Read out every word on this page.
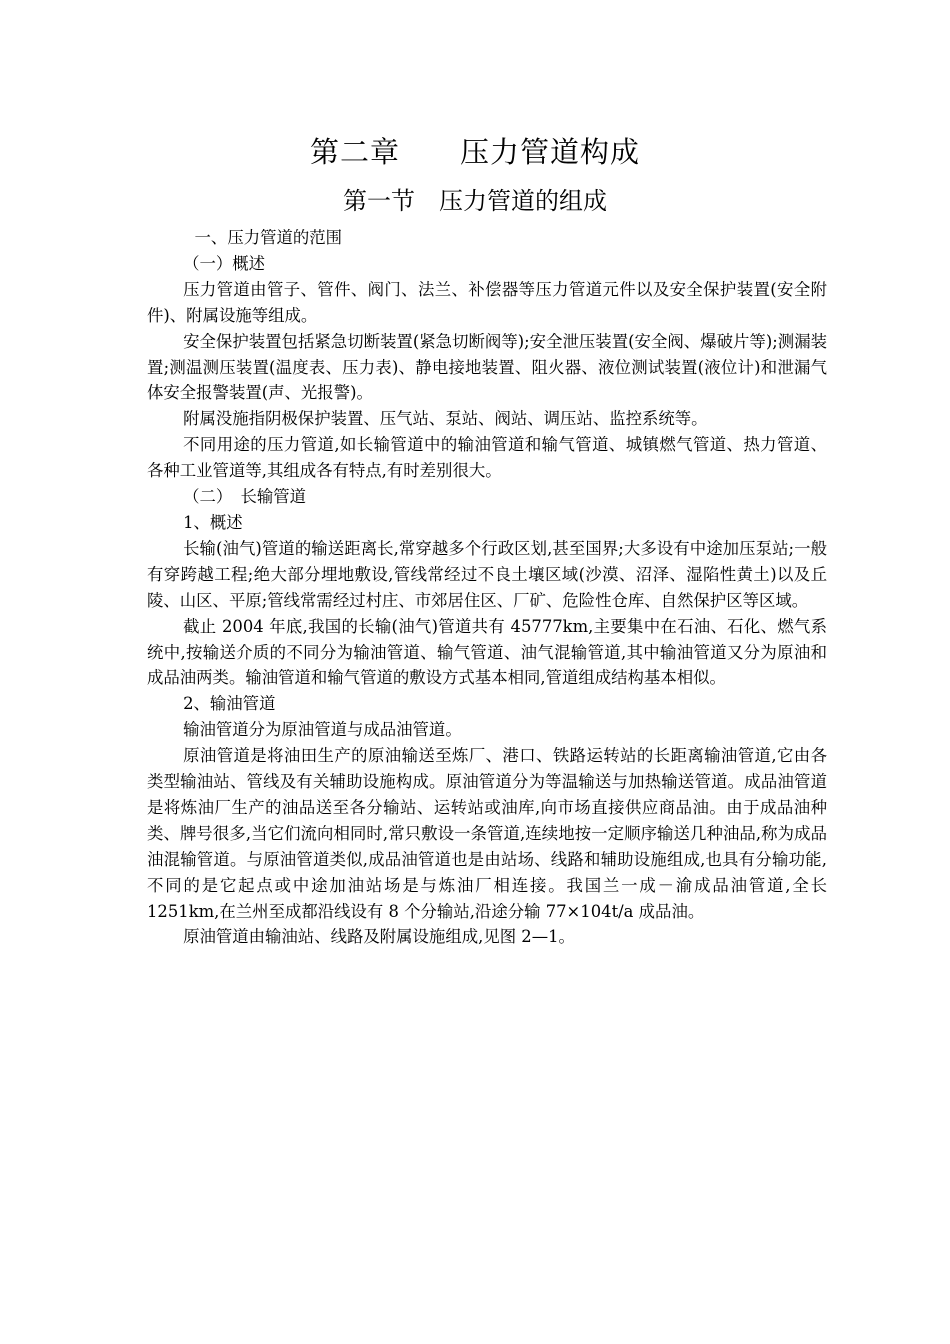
第二章　　压力管道构成
第一节　压力管道的组成

一、压力管道的范围

（一）概述

压力管道由管子、管件、阀门、法兰、补偿器等压力管道元件以及安全保护装置(安全附件)、附属设施等组成。

安全保护装置包括紧急切断装置(紧急切断阀等);安全泄压装置(安全阀、爆破片等);测漏装置;测温测压装置(温度表、压力表)、静电接地装置、阻火器、液位测试装置(液位计)和泄漏气体安全报警装置(声、光报警)。

附属没施指阴极保护装置、压气站、泵站、阀站、调压站、监控系统等。

不同用途的压力管道,如长输管道中的输油管道和输气管道、城镇燃气管道、热力管道、各种工业管道等,其组成各有特点,有时差别很大。

（二）　长输管道

1、概述

长输(油气)管道的输送距离长,常穿越多个行政区划,甚至国界;大多设有中途加压泵站;一般有穿跨越工程;绝大部分埋地敷设,管线常经过不良土壤区域(沙漠、沼泽、湿陷性黄土)以及丘陵、山区、平原;管线常需经过村庄、市郊居住区、厂矿、危险性仓库、自然保护区等区域。

截止 2004 年底,我国的长输(油气)管道共有 45777km,主要集中在石油、石化、燃气系统中,按输送介质的不同分为输油管道、输气管道、油气混输管道,其中输油管道又分为原油和成品油两类。输油管道和输气管道的敷设方式基本相同,管道组成结构基本相似。

2、输油管道

输油管道分为原油管道与成品油管道。

原油管道是将油田生产的原油输送至炼厂、港口、铁路运转站的长距离输油管道,它由各类型输油站、管线及有关辅助设施构成。原油管道分为等温输送与加热输送管道。成品油管道是将炼油厂生产的油品送至各分输站、运转站或油库,向市场直接供应商品油。由于成品油种类、牌号很多,当它们流向相同时,常只敷设一条管道,连续地按一定顺序输送几种油品,称为成品油混输管道。与原油管道类似,成品油管道也是由站场、线路和辅助设施组成,也具有分输功能,不同的是它起点或中途加油站场是与炼油厂相连接。我国兰一成－渝成品油管道,全长 1251km,在兰州至成都沿线设有 8 个分输站,沿途分输 77×104t/a 成品油。

原油管道由输油站、线路及附属设施组成,见图 2—1。
